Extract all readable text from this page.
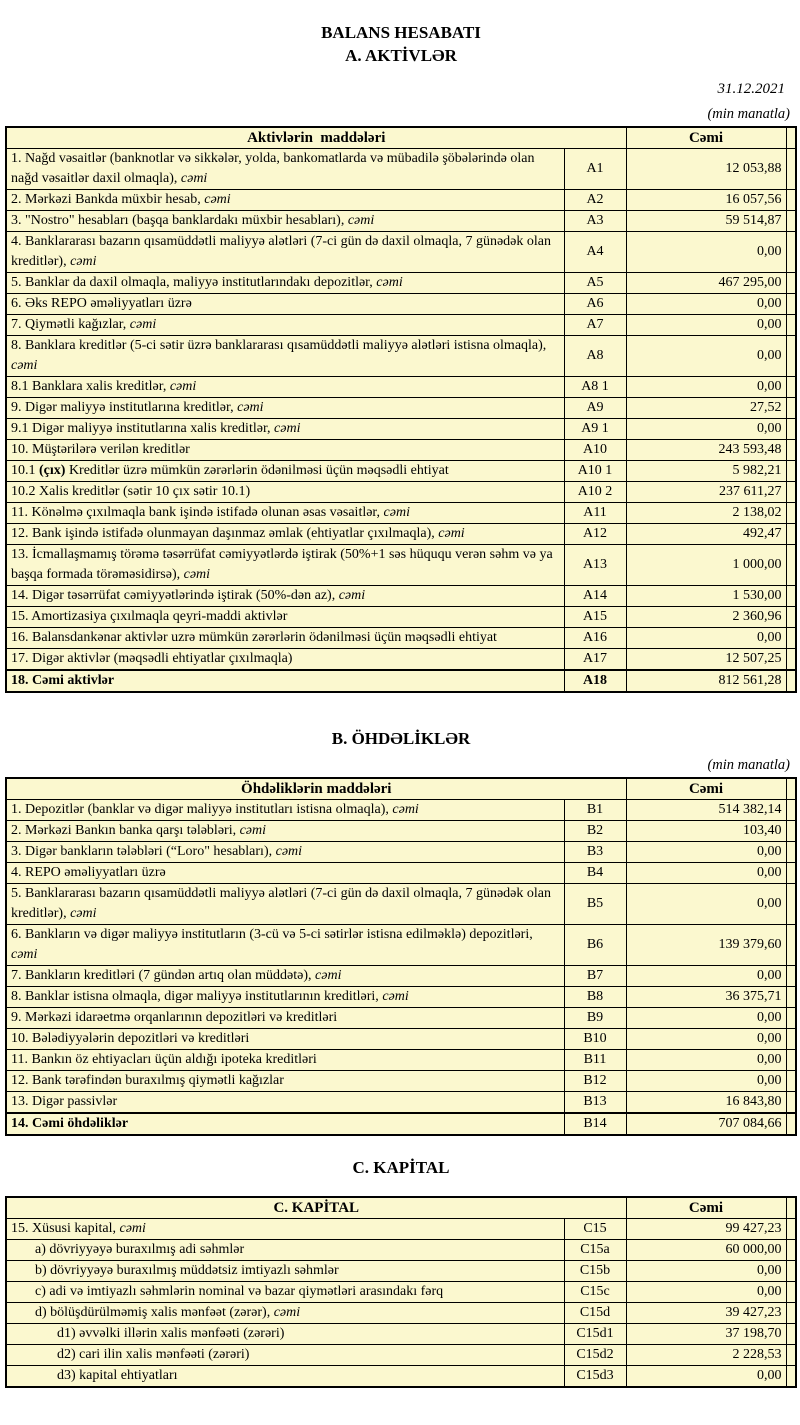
BALANS HESABATI
A. AKTİVLƏR
31.12.2021
(min manatla)
Aktivlərin  maddələri		Cəmi	
1. Nağd vəsaitlər (banknotlar və sikkələr, yolda, bankomatlarda və mübadilə şöbələrində olan nağd vəsaitlər daxil olmaqla), cəmi	A1	12 053,88	
2. Mərkəzi Bankda müxbir hesab, cəmi	A2	16 057,56	
3. "Nostro" hesabları (başqa banklardakı müxbir hesabları), cəmi	A3	59 514,87	
4. Banklararası bazarın qısamüddətli maliyyə alətləri (7-ci gün də daxil olmaqla, 7 günədək olan kreditlər), cəmi	A4	0,00	
5. Banklar da daxil olmaqla, maliyyə institutlarındakı depozitlər, cəmi	A5	467 295,00	
6. Əks REPO əməliyyatları üzrə	A6	0,00	
7. Qiymətli kağızlar, cəmi	A7	0,00	
8. Banklara kreditlər (5-ci sətir üzrə banklararası qısamüddətli maliyyə alətləri istisna olmaqla), cəmi	A8	0,00	
8.1 Banklara xalis kreditlər, cəmi	A8 1	0,00	
9. Digər maliyyə institutlarına kreditlər, cəmi	A9	27,52	
9.1 Digər maliyyə institutlarına xalis kreditlər, cəmi	A9 1	0,00	
10. Müştərilərə verilən kreditlər	A10	243 593,48	
10.1 (çıx) Kreditlər üzrə mümkün zərərlərin ödənilməsi üçün məqsədli ehtiyat	A10 1	5 982,21	
10.2 Xalis kreditlər (sətir 10 çıx sətir 10.1)	A10 2	237 611,27	
11. Könəlmə çıxılmaqla bank işində istifadə olunan əsas vəsaitlər, cəmi	A11	2 138,02	
12. Bank işində istifadə olunmayan daşınmaz əmlak (ehtiyatlar çıxılmaqla), cəmi	A12	492,47	
13. İcmallaşmamış törəmə təsərrüfat cəmiyyətlərdə iştirak (50%+1 səs hüququ verən səhm və ya başqa formada törəməsidirsə), cəmi	A13	1 000,00	
14. Digər təsərrüfat cəmiyyətlərində iştirak (50%-dən az), cəmi	A14	1 530,00	
15. Amortizasiya çıxılmaqla qeyri-maddi aktivlər	A15	2 360,96	
16. Balansdankənar aktivlər uzrə mümkün zərərlərin ödənilməsi üçün məqsədli ehtiyat	A16	0,00	
17. Digər aktivlər (məqsədli ehtiyatlar çıxılmaqla)	A17	12 507,25	
18. Cəmi aktivlər	A18	812 561,28	
B. ÖHDƏLİKLƏR
(min manatla)
Öhdəliklərin maddələri		Cəmi	
1. Depozitlər (banklar və digər maliyyə institutları istisna olmaqla), cəmi	B1	514 382,14	
2. Mərkəzi Bankın banka qarşı tələbləri, cəmi	B2	103,40	
3. Digər bankların tələbləri (“Loro" hesabları), cəmi	B3	0,00	
4. REPO əməliyyatları üzrə	B4	0,00	
5. Banklararası bazarın qısamüddətli maliyyə alətləri (7-ci gün də daxil olmaqla, 7 günədək olan kreditlər), cəmi	B5	0,00	
6. Bankların və digər maliyyə institutların (3-cü və 5-ci sətirlər istisna edilməklə) depozitləri, cəmi	B6	139 379,60	
7. Bankların kreditləri (7 gündən artıq olan müddətə), cəmi	B7	0,00	
8. Banklar istisna olmaqla, digər maliyyə institutlarının kreditləri, cəmi	B8	36 375,71	
9. Mərkəzi idarəetmə orqanlarının depozitləri və kreditləri	B9	0,00	
10. Bələdiyyələrin depozitləri və kreditləri	B10	0,00	
11. Bankın öz ehtiyacları üçün aldığı ipoteka kreditləri	B11	0,00	
12. Bank tərəfindən buraxılmış qiymətli kağızlar	B12	0,00	
13. Digər passivlər	B13	16 843,80	
14. Cəmi öhdəliklər	B14	707 084,66	
C. KAPİTAL
C. KAPİTAL		Cəmi	
15. Xüsusi kapital, cəmi	C15	99 427,23	
a) dövriyyəyə buraxılmış adi səhmlər	C15a	60 000,00	
b) dövriyyəyə buraxılmış müddətsiz imtiyazlı səhmlər	C15b	0,00	
c) adi və imtiyazlı səhmlərin nominal və bazar qiymətləri arasındakı fərq	C15c	0,00	
d) bölüşdürülməmiş xalis mənfəət (zərər), cəmi	C15d	39 427,23	
d1) əvvəlki illərin xalis mənfəəti (zərəri)	C15d1	37 198,70	
d2) cari ilin xalis mənfəəti (zərəri)	C15d2	2 228,53	
d3) kapital ehtiyatları	C15d3	0,00	
